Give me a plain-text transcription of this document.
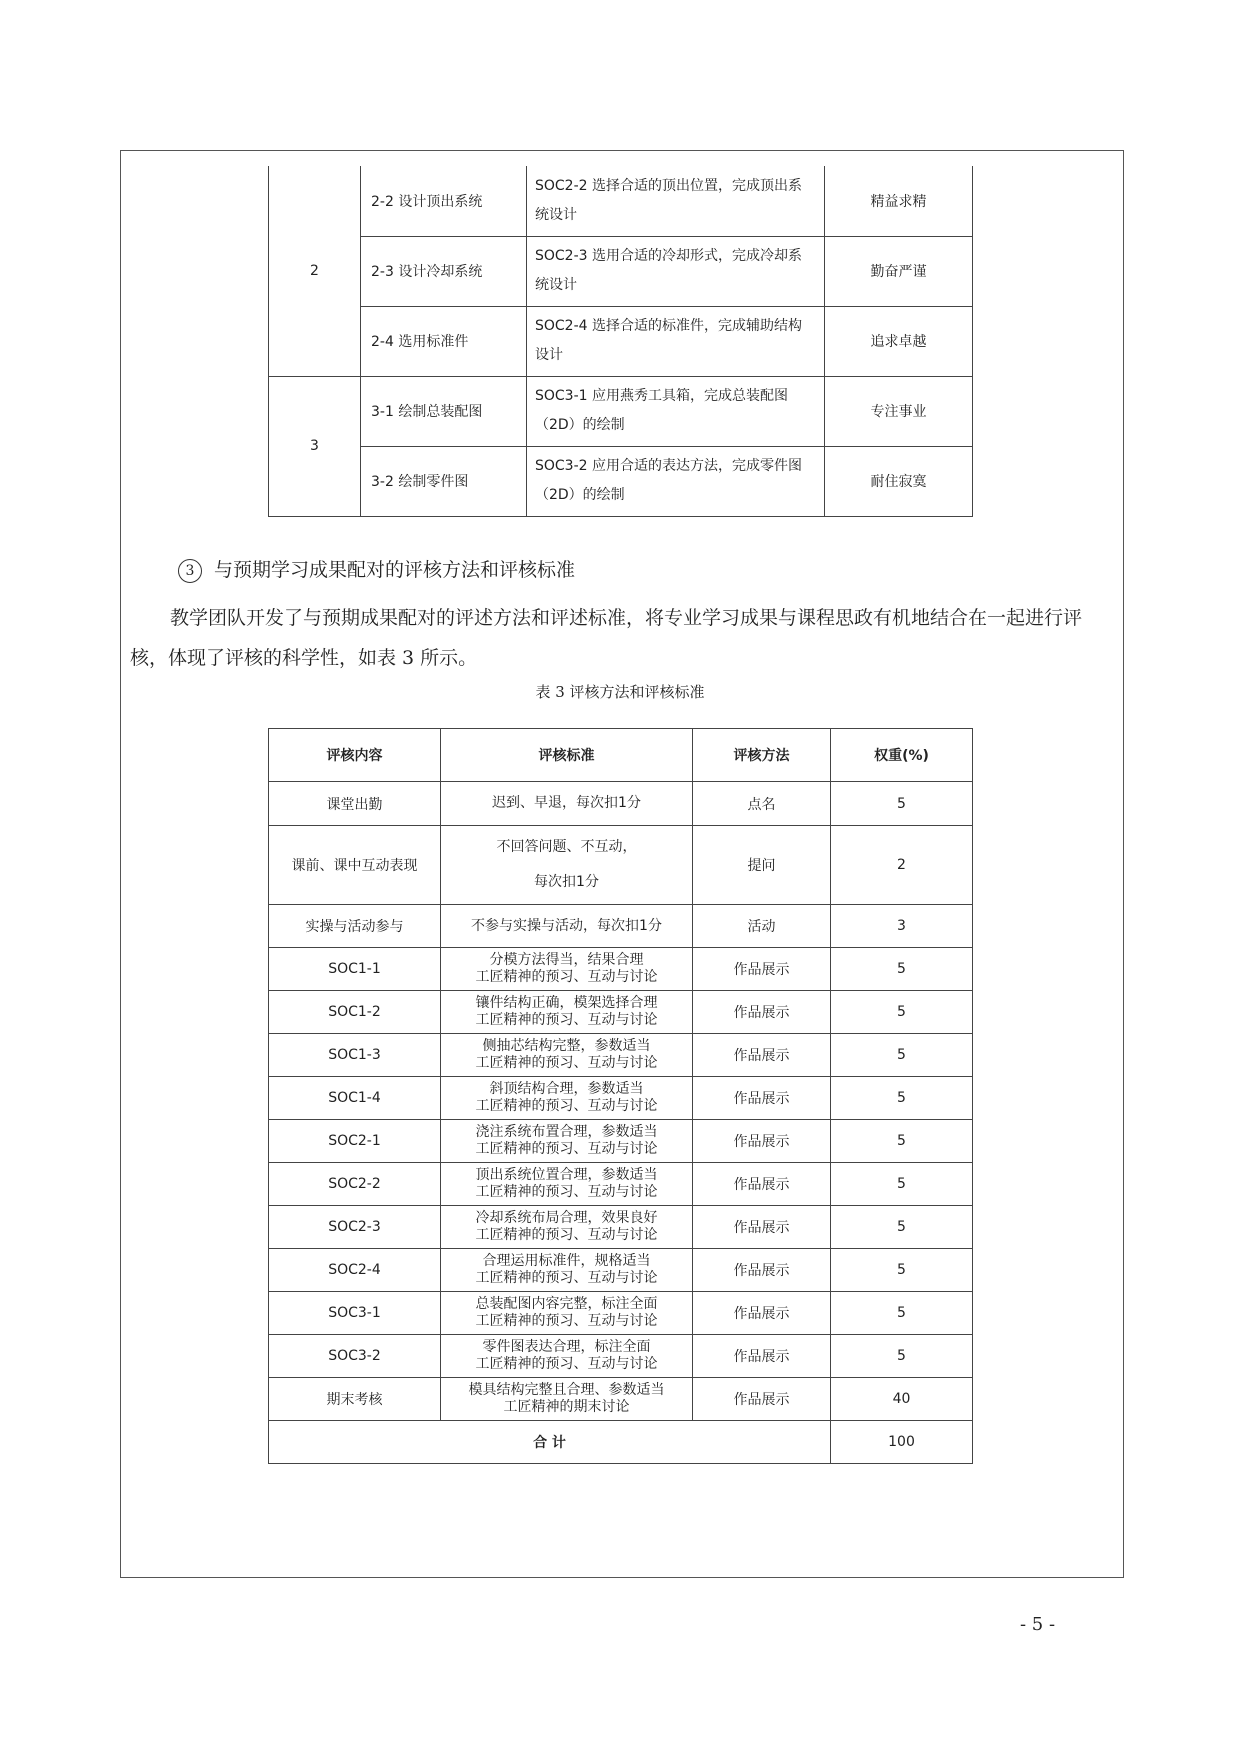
2	2-2 设计顶出系统	SOC2-2 选择合适的顶出位置，完成顶出系
统设计	精益求精
	2-3 设计冷却系统	SOC2-3 选用合适的冷却形式，完成冷却系
统设计	勤奋严谨
	2-4 选用标准件	SOC2-4 选择合适的标准件，完成辅助结构
设计	追求卓越
3	3-1 绘制总装配图	SOC3-1 应用燕秀工具箱，完成总装配图
（2D）的绘制	专注事业
	3-2 绘制零件图	SOC3-2 应用合适的表达方法，完成零件图
（2D）的绘制	耐住寂寞
3 与预期学习成果配对的评核方法和评核标准

教学团队开发了与预期成果配对的评述方法和评述标准，将专业学习成果与课程思政有机地结合在一起进行评核，体现了评核的科学性，如表 3 所示。

表 3 评核方法和评核标准
评核内容	评核标准	评核方法	权重(%)
课堂出勤	迟到、早退，每次扣1分	点名	5
课前、课中互动表现	不回答问题、不互动，
每次扣1分	提问	2
实操与活动参与	不参与实操与活动，每次扣1分	活动	3
SOC1-1	分模方法得当，结果合理
工匠精神的预习、互动与讨论	作品展示	5
SOC1-2	镶件结构正确，模架选择合理
工匠精神的预习、互动与讨论	作品展示	5
SOC1-3	侧抽芯结构完整，参数适当
工匠精神的预习、互动与讨论	作品展示	5
SOC1-4	斜顶结构合理，参数适当
工匠精神的预习、互动与讨论	作品展示	5
SOC2-1	浇注系统布置合理，参数适当
工匠精神的预习、互动与讨论	作品展示	5
SOC2-2	顶出系统位置合理，参数适当
工匠精神的预习、互动与讨论	作品展示	5
SOC2-3	冷却系统布局合理，效果良好
工匠精神的预习、互动与讨论	作品展示	5
SOC2-4	合理运用标准件，规格适当
工匠精神的预习、互动与讨论	作品展示	5
SOC3-1	总装配图内容完整，标注全面
工匠精神的预习、互动与讨论	作品展示	5
SOC3-2	零件图表达合理，标注全面
工匠精神的预习、互动与讨论	作品展示	5
期末考核	模具结构完整且合理、参数适当
工匠精神的期末讨论	作品展示	40
合 计			100
- 5 -
